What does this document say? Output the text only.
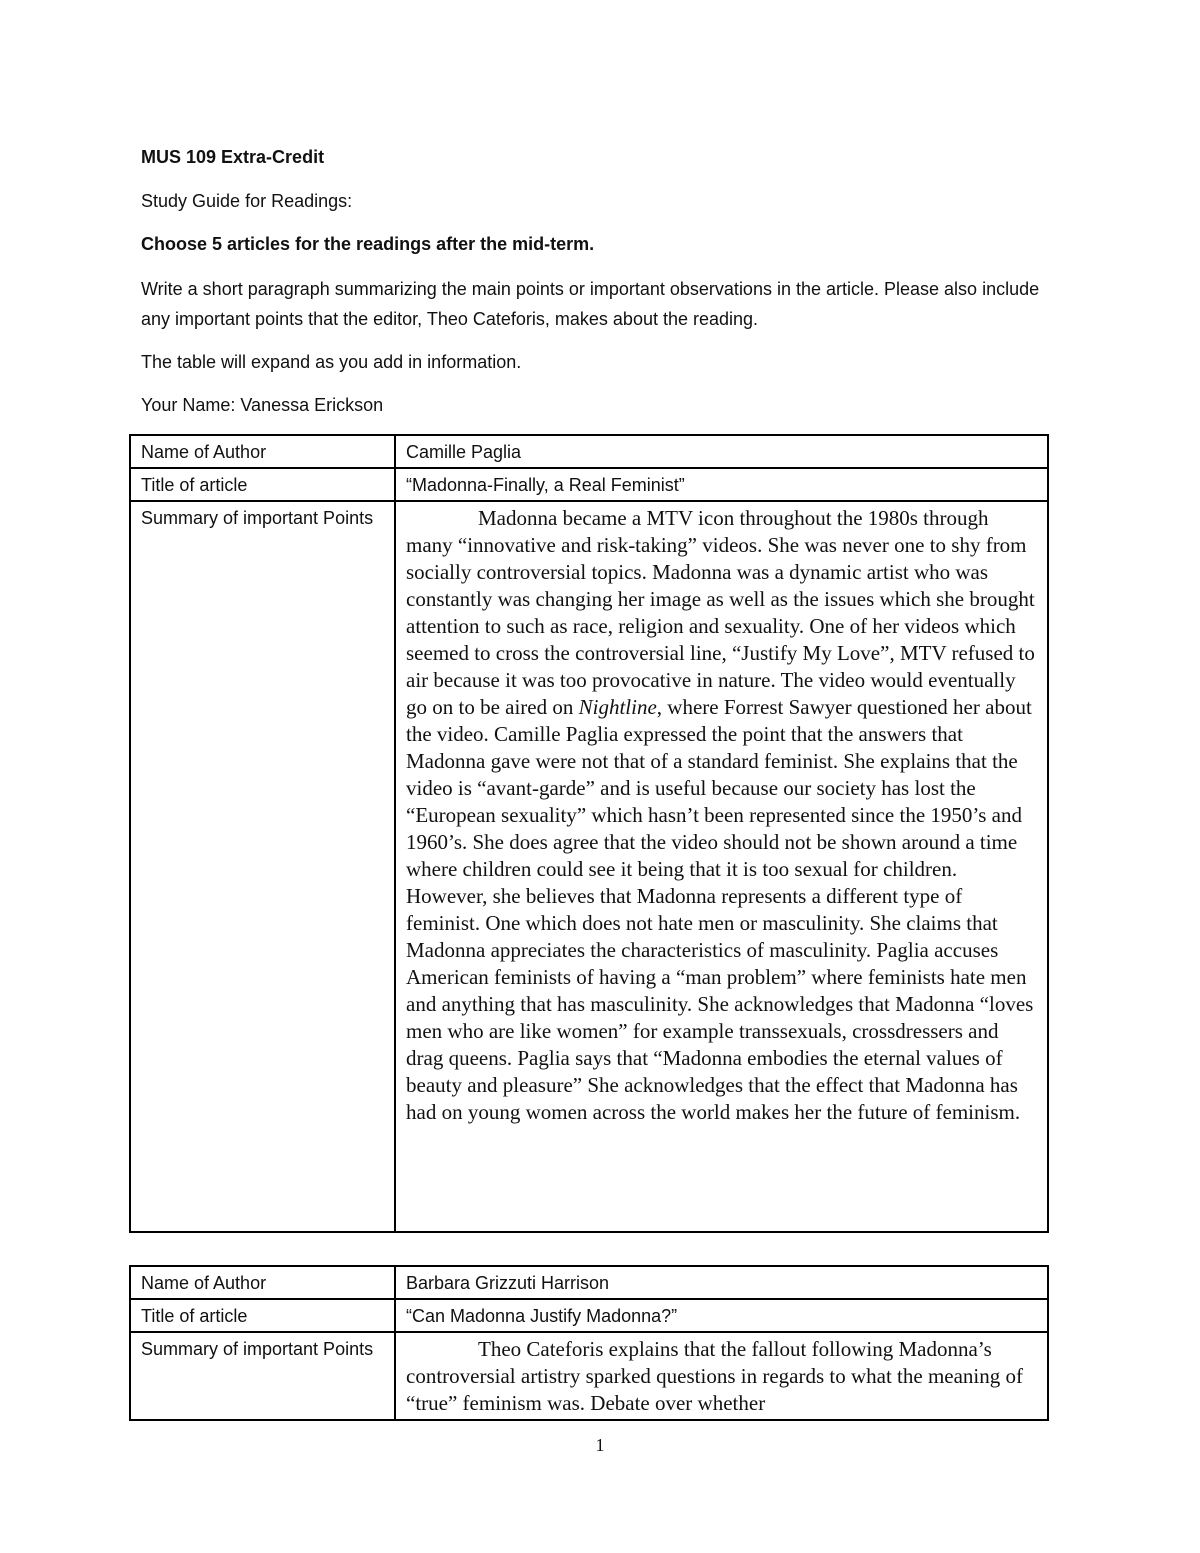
MUS 109 Extra-Credit
Study Guide for Readings:
Choose 5 articles for the readings after the mid-term.
Write a short paragraph summarizing the main points or important observations in the article. Please also include any important points that the editor, Theo Cateforis, makes about the reading.
The table will expand as you add in information.
Your Name: Vanessa Erickson
Name of Author	Camille Paglia
Title of article	“Madonna-Finally, a Real Feminist”
Summary of important Points	Madonna became a MTV icon throughout the 1980s through many “innovative and risk-taking” videos. She was never one to shy from socially controversial topics. Madonna was a dynamic artist who was constantly was changing her image as well as the issues which she brought attention to such as race, religion and sexuality. One of her videos which seemed to cross the controversial line, “Justify My Love”, MTV refused to air because it was too provocative in nature. The video would eventually go on to be aired on Nightline, where Forrest Sawyer questioned her about the video. Camille Paglia expressed the point that the answers that Madonna gave were not that of a standard feminist. She explains that the video is “avant-garde” and is useful because our society has lost the “European sexuality” which hasn’t been represented since the 1950’s and 1960’s. She does agree that the video should not be shown around a time where children could see it being that it is too sexual for children. However, she believes that Madonna represents a different type of feminist. One which does not hate men or masculinity. She claims that Madonna appreciates the characteristics of masculinity. Paglia accuses American feminists of having a “man problem” where feminists hate men and anything that has masculinity. She acknowledges that Madonna “loves men who are like women” for example transsexuals, crossdressers and drag queens. Paglia says that “Madonna embodies the eternal values of beauty and pleasure” She acknowledges that the effect that Madonna has had on young women across the world makes her the future of feminism.

Name of Author	Barbara Grizzuti Harrison
Title of article	“Can Madonna Justify Madonna?”
Summary of important Points	Theo Cateforis explains that the fallout following Madonna’s controversial artistry sparked questions in regards to what the meaning of “true” feminism was. Debate over whether

1
